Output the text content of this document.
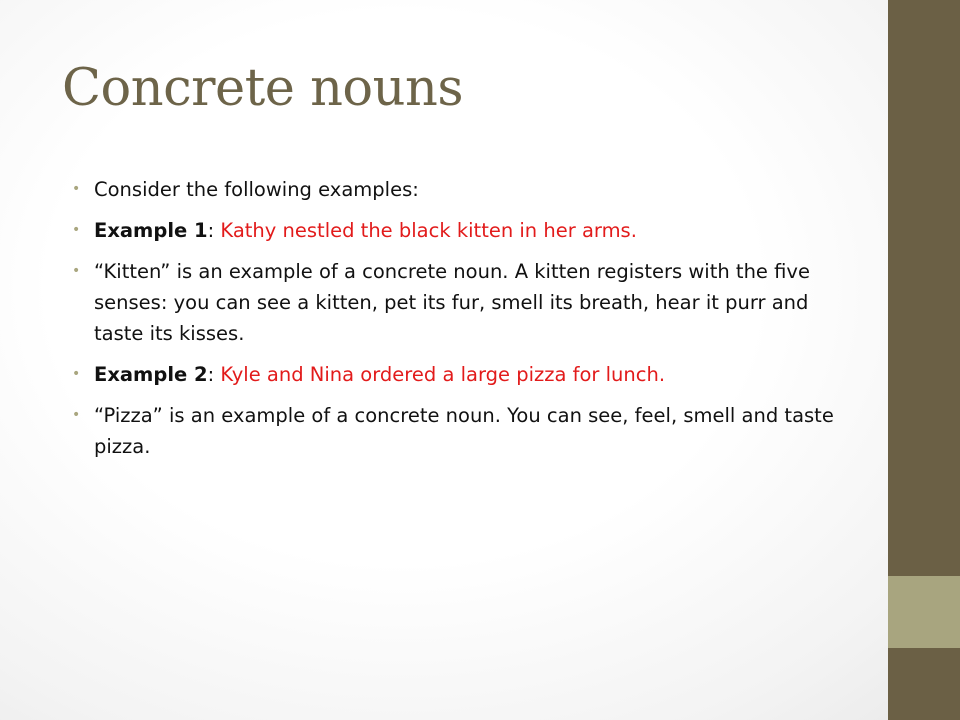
Concrete nouns
• Consider the following examples:
• Example 1: Kathy nestled the black kitten in her arms.
• “Kitten” is an example of a concrete noun. A kitten registers with the five senses: you can see a kitten, pet its fur, smell its breath, hear it purr and taste its kisses.
• Example 2: Kyle and Nina ordered a large pizza for lunch.
• “Pizza” is an example of a concrete noun. You can see, feel, smell and taste pizza.
